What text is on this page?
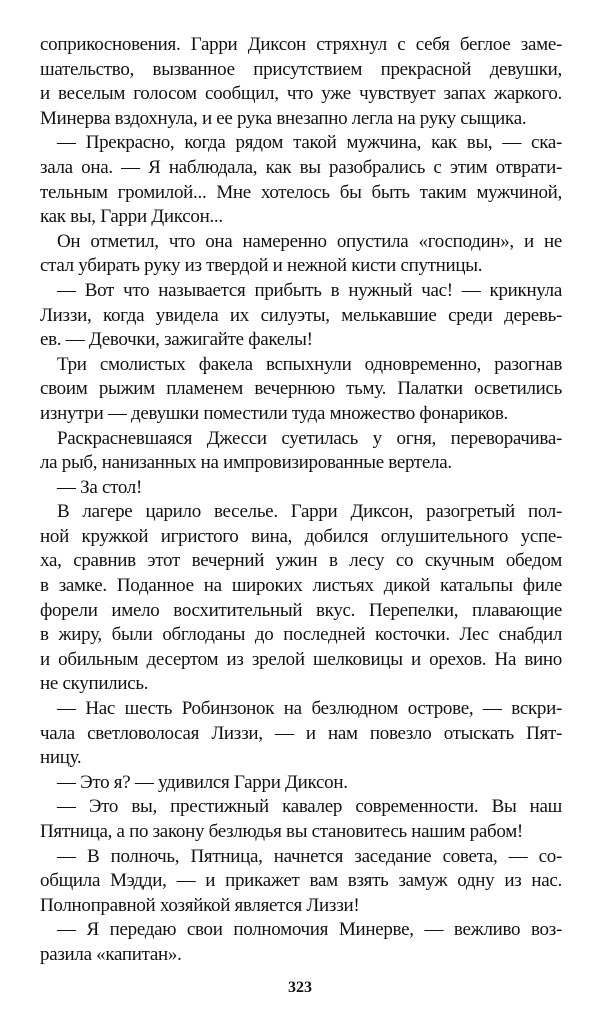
соприкосновения. Гарри Диксон стряхнул с себя беглое заме-
шательство, вызванное присутствием прекрасной девушки,
и веселым голосом сообщил, что уже чувствует запах жаркого.
Минерва вздохнула, и ее рука внезапно легла на руку сыщика.
— Прекрасно, когда рядом такой мужчина, как вы, — ска-
зала она. — Я наблюдала, как вы разобрались с этим отврати-
тельным громилой... Мне хотелось бы быть таким мужчиной,
как вы, Гарри Диксон...
Он отметил, что она намеренно опустила «господин», и не
стал убирать руку из твердой и нежной кисти спутницы.
— Вот что называется прибыть в нужный час! — крикнула
Лиззи, когда увидела их силуэты, мелькавшие среди деревь-
ев. — Девочки, зажигайте факелы!
Три смолистых факела вспыхнули одновременно, разогнав
своим рыжим пламенем вечернюю тьму. Палатки осветились
изнутри — девушки поместили туда множество фонариков.
Раскрасневшаяся Джесси суетилась у огня, переворачива-
ла рыб, нанизанных на импровизированные вертела.
— За стол!
В лагере царило веселье. Гарри Диксон, разогретый пол-
ной кружкой игристого вина, добился оглушительного успе-
ха, сравнив этот вечерний ужин в лесу со скучным обедом
в замке. Поданное на широких листьях дикой катальпы филе
форели имело восхитительный вкус. Перепелки, плавающие
в жиру, были обглоданы до последней косточки. Лес снабдил
и обильным десертом из зрелой шелковицы и орехов. На вино
не скупились.
— Нас шесть Робинзонок на безлюдном острове, — вскри-
чала светловолосая Лиззи, — и нам повезло отыскать Пят-
ницу.
— Это я? — удивился Гарри Диксон.
— Это вы, престижный кавалер современности. Вы наш
Пятница, а по закону безлюдья вы становитесь нашим рабом!
— В полночь, Пятница, начнется заседание совета, — со-
общила Мэдди, — и прикажет вам взять замуж одну из нас.
Полноправной хозяйкой является Лиззи!
— Я передаю свои полномочия Минерве, — вежливо воз-
разила «капитан».
323
